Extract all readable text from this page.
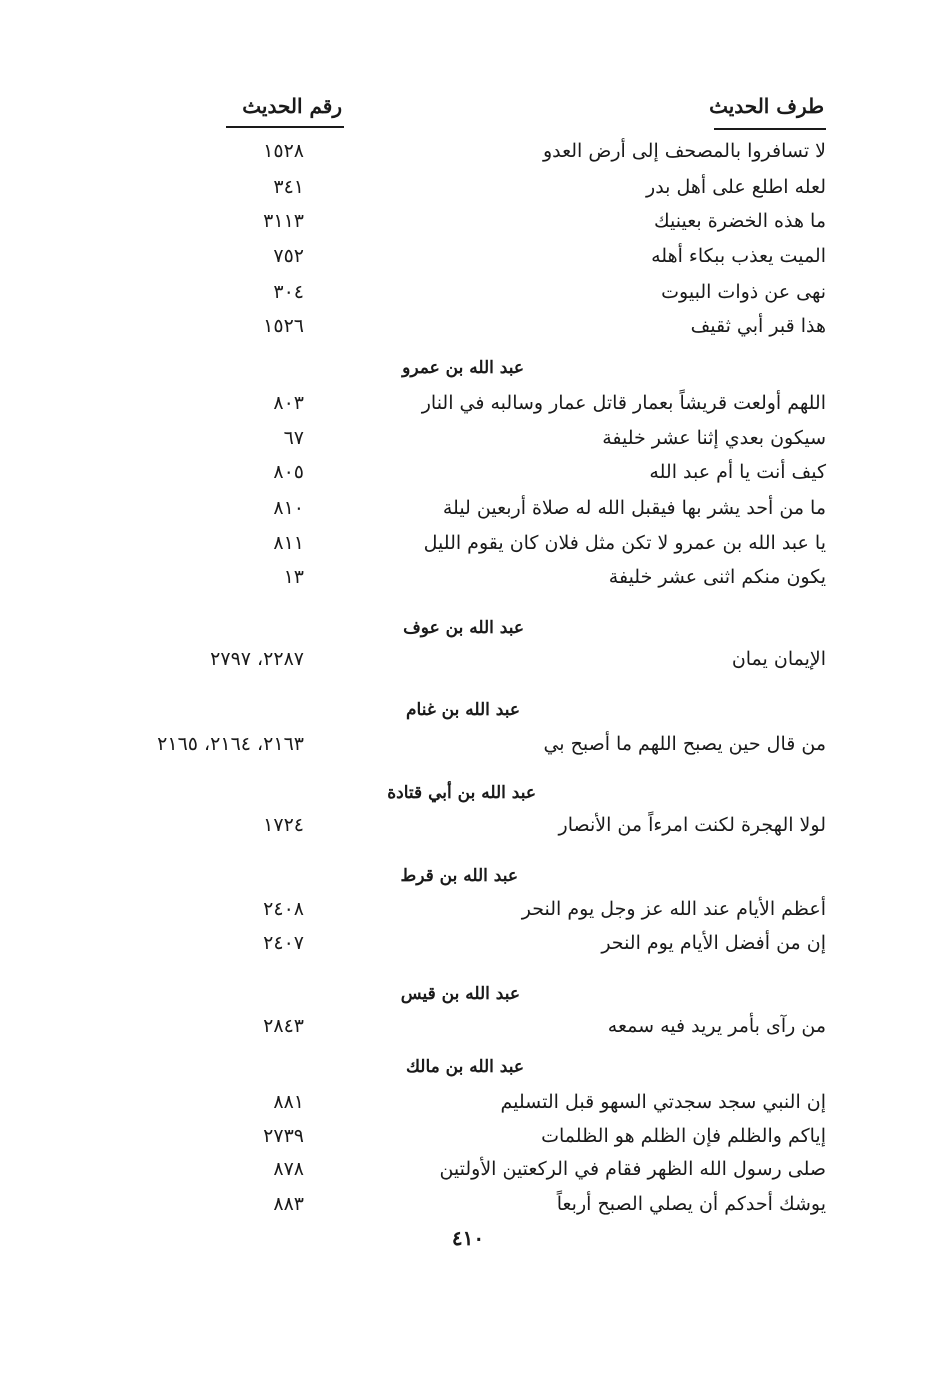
طرف الحديث
رقم الحديث
لا تسافروا بالمصحف إلى أرض العدو
١٥٢٨
لعله اطلع على أهل بدر
٣٤١
ما هذه الخضرة بعينيك
٣١١٣
الميت يعذب ببكاء أهله
٧٥٢
نهى عن ذوات البيوت
٣٠٤
هذا قبر أبي ثقيف
١٥٢٦
عبد الله بن عمرو
اللهم أولعت قريشاً بعمار قاتل عمار وسالبه في النار
٨٠٣
سيكون بعدي إثنا عشر خليفة
٦٧
كيف أنت يا أم عبد الله
٨٠٥
ما من أحد يشر بها فيقبل الله له صلاة أربعين ليلة
٨١٠
يا عبد الله بن عمرو لا تكن مثل فلان كان يقوم الليل
٨١١
يكون منكم اثنى عشر خليفة
١٣
عبد الله بن عوف
الإيمان يمان
٢٢٨٧، ٢٧٩٧
عبد الله بن غنام
من قال حين يصبح اللهم ما أصبح بي
٢١٦٣، ٢١٦٤، ٢١٦٥
عبد الله بن أبي قتادة
لولا الهجرة لكنت امرءاً من الأنصار
١٧٢٤
عبد الله بن قرط
أعظم الأيام عند الله عز وجل يوم النحر
٢٤٠٨
إن من أفضل الأيام يوم النحر
٢٤٠٧
عبد الله بن قيس
من رآى بأمر يريد فيه سمعه
٢٨٤٣
عبد الله بن مالك
إن النبي سجد سجدتي السهو قبل التسليم
٨٨١
إياكم والظلم فإن الظلم هو الظلمات
٢٧٣٩
صلى رسول الله الظهر فقام في الركعتين الأولتين
٨٧٨
يوشك أحدكم أن يصلي الصبح أربعاً
٨٨٣
٤١٠
